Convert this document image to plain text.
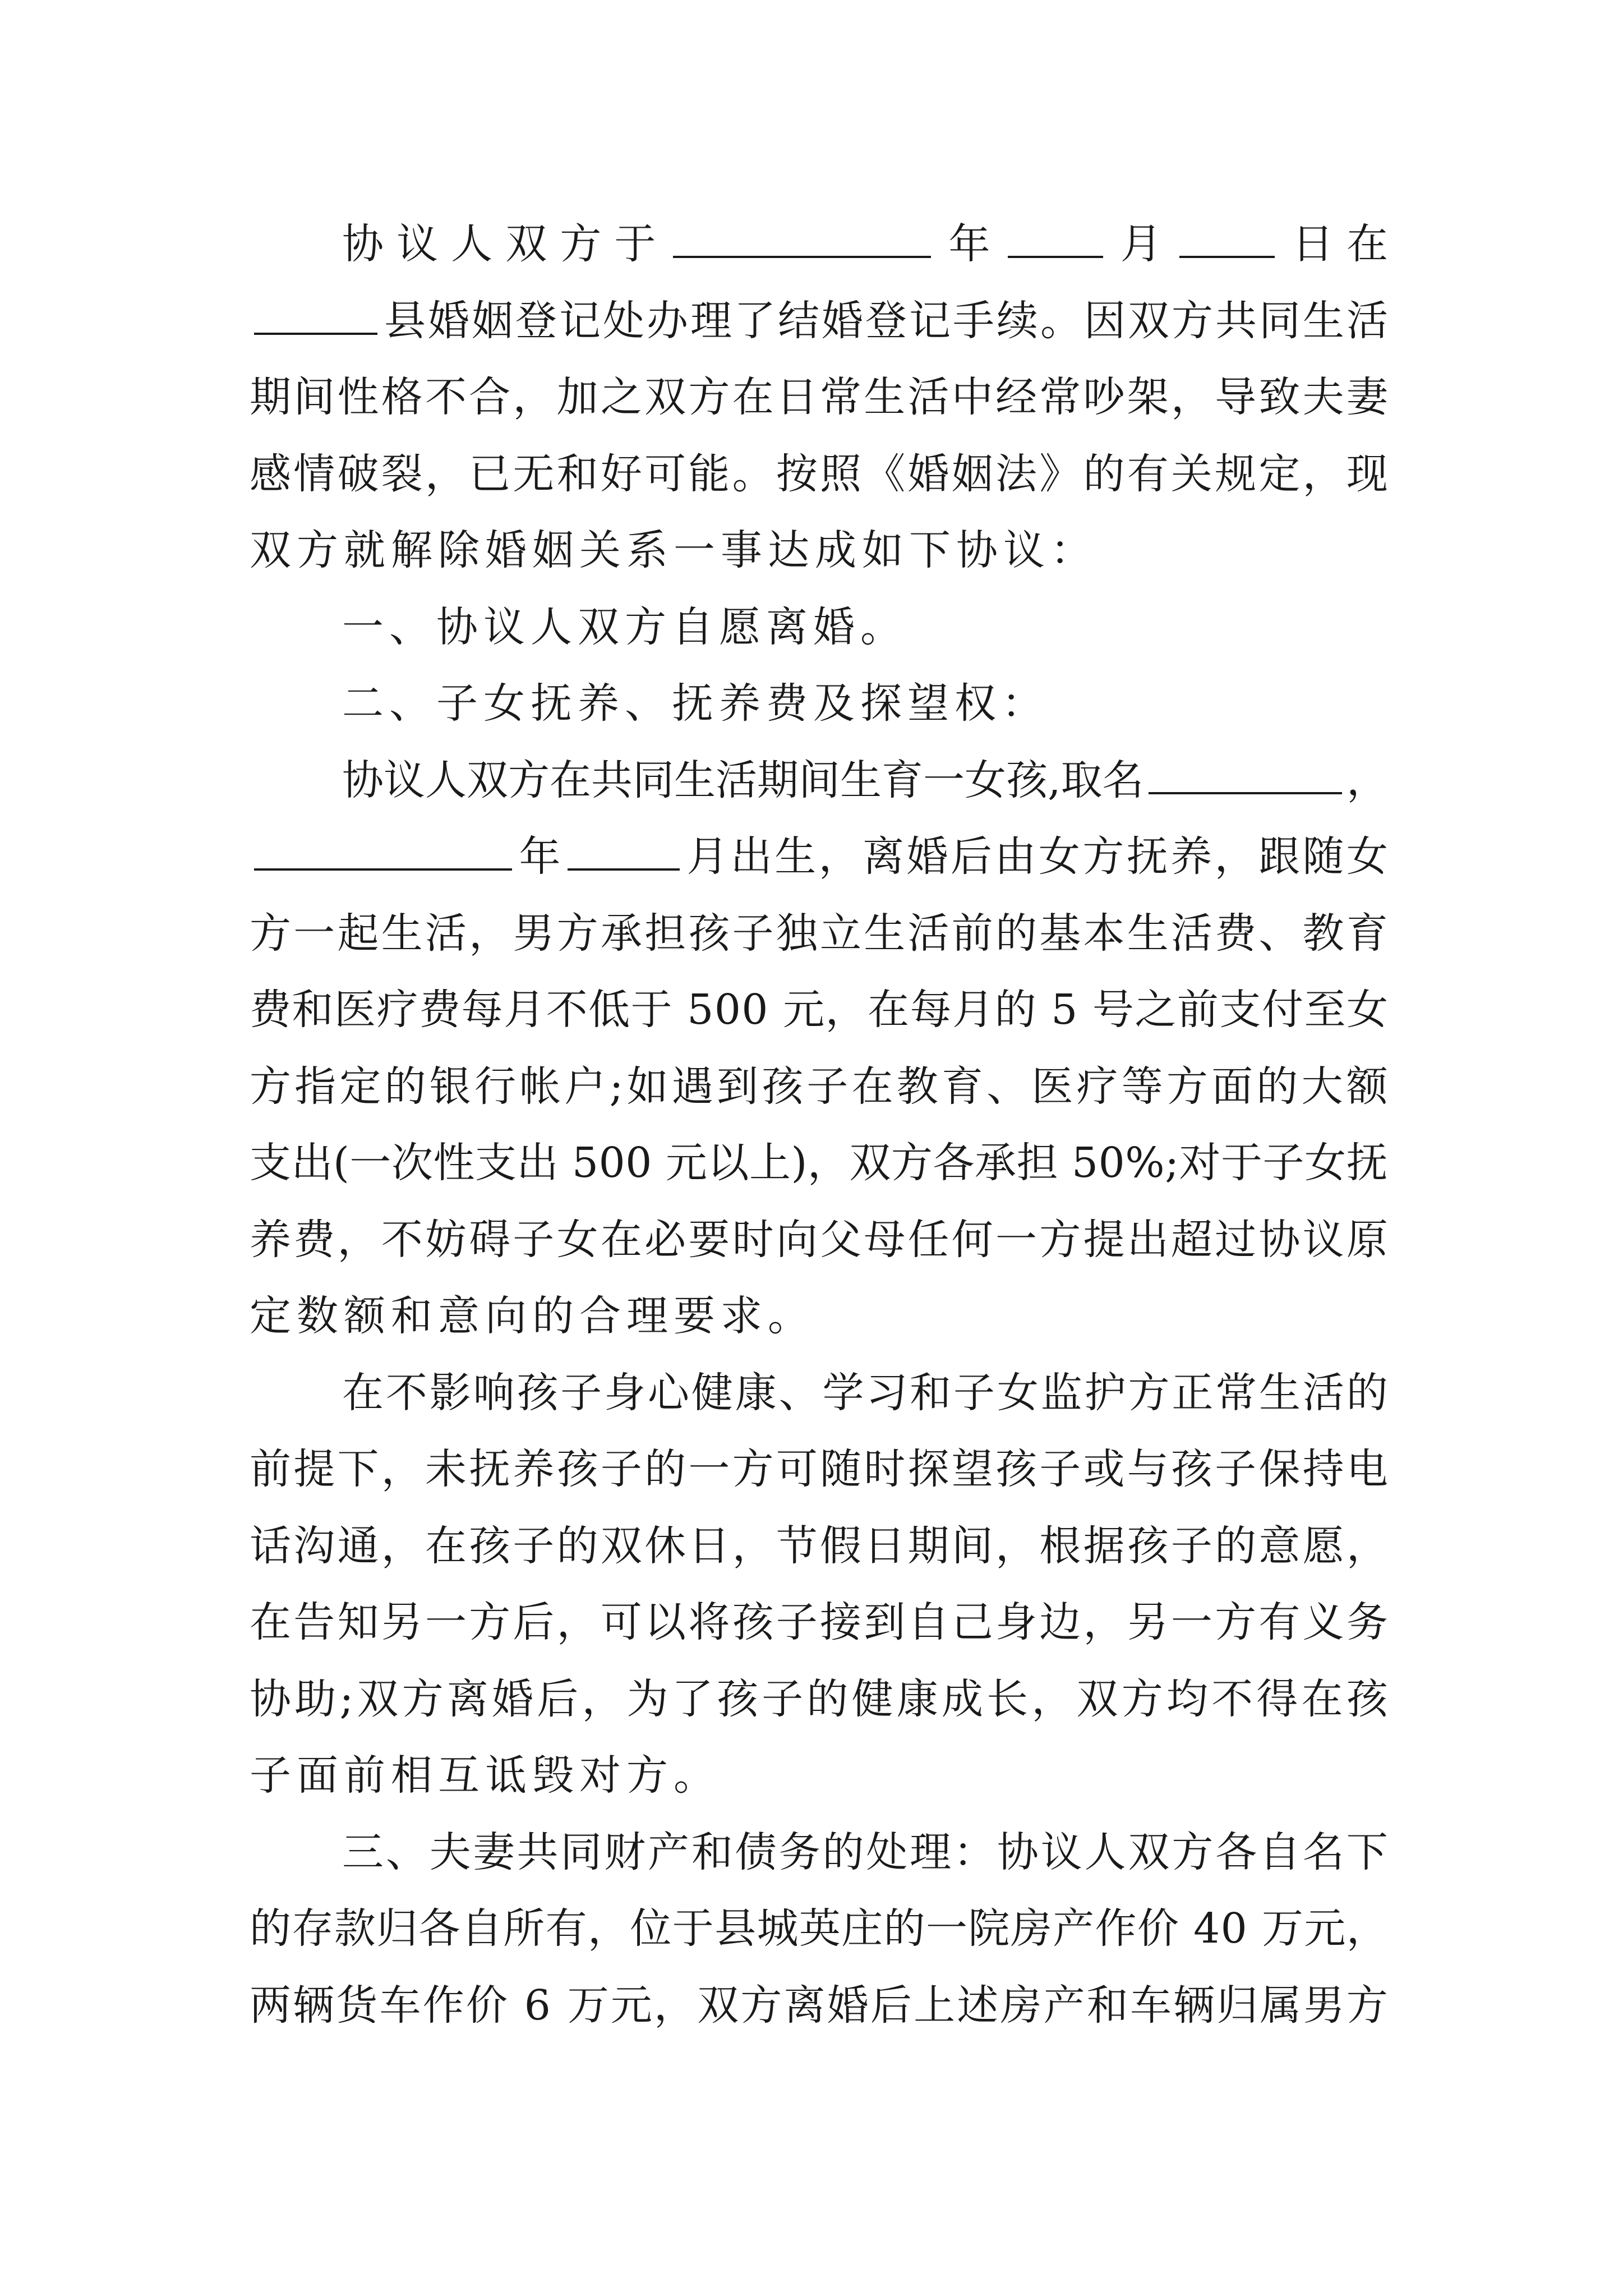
协 议 人 双 方 于	年	月	日 在
县 婚 姻 登 记 处 办 理 了 结 婚 登 记 手 续 。 因 双 方 共 同 生 活
期 间 性 格 不 合 ， 加 之 双 方 在 日 常 生 活 中 经 常 吵 架 ， 导 致 夫 妻
感 情 破 裂 ， 已 无 和 好 可 能 。 按 照 《 婚 姻 法 》 的 有 关 规 定 ， 现
双方就解除婚姻关系一事达成如下协议：
一、协议人双方自愿离婚。
二、子女抚养、抚养费及探望权：
协 议 人 双 方 在 共 同 生 活 期 间 生 育 一 女 孩 , 取 名	，
年	月 出 生 ， 离 婚 后 由 女 方 抚 养 ， 跟 随 女
方 一 起 生 活 ， 男 方 承 担 孩 子 独 立 生 活 前 的 基 本 生 活 费 、 教 育
费 和 医 疗 费 每 月 不 低 于
5 0 0
元 ， 在 每 月 的
5
号 之 前 支 付 至 女
方 指 定 的 银 行 帐 户 ; 如 遇 到 孩 子 在 教 育 、 医 疗 等 方 面 的 大 额
支 出 ( 一 次 性 支 出
5 0 0
元 以 上 ) ， 双 方 各 承 担
5 0 % ; 对 于 子 女 抚
养 费 ， 不 妨 碍 子 女 在 必 要 时 向 父 母 任 何 一 方 提 出 超 过 协 议 原
定数额和意向的合理要求。
在 不 影 响 孩 子 身 心 健 康 、 学 习 和 子 女 监 护 方 正 常 生 活 的
前 提 下 ， 未 抚 养 孩 子 的 一 方 可 随 时 探 望 孩 子 或 与 孩 子 保 持 电
话 沟 通 ， 在 孩 子 的 双 休 日 ， 节 假 日 期 间 ， 根 据 孩 子 的 意 愿 ，
在 告 知 另 一 方 后 ， 可 以 将 孩 子 接 到 自 己 身 边 ， 另 一 方 有 义 务
协 助 ; 双 方 离 婚 后 ， 为 了 孩 子 的 健 康 成 长 ， 双 方 均 不 得 在 孩
子面前相互诋毁对方。
三 、 夫 妻 共 同 财 产 和 债 务 的 处 理 ： 协 议 人 双 方 各 自 名 下
的 存 款 归 各 自 所 有 ， 位 于 县 城 英 庄 的 一 院 房 产 作 价
4 0
万 元 ，
两 辆 货 车 作 价
6
万 元 ， 双 方 离 婚 后 上 述 房 产 和 车 辆 归 属 男 方
